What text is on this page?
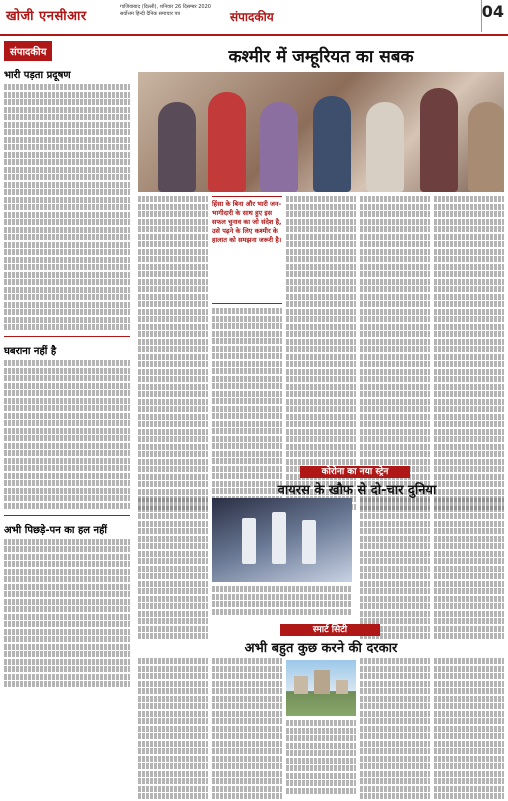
खोजी एनसीआर
गाजियाबाद (दिल्ली), शनिवार 26 दिसम्बर 2020
सर्वोत्तम हिन्दी दैनिक समाचार पत्र	संपादकीय	04
संपादकीय
भारी पड़ता प्रदूषण
घबराना नहीं है
अभी पिछड़े-पन का हल नहीं
कश्मीर में जम्हूरियत का सबक
हिंसा के बिना और भारी जन-भागीदारी के साथ हुए इस सफल चुनाव का जो संदेश है, उसे पढ़ने के लिए कश्मीर के हालात को समझना जरूरी है।
कोरोना का नया स्ट्रेन
वायरस के खौफ से दो-चार दुनिया
स्मार्ट सिटी
अभी बहुत कुछ करने की दरकार
